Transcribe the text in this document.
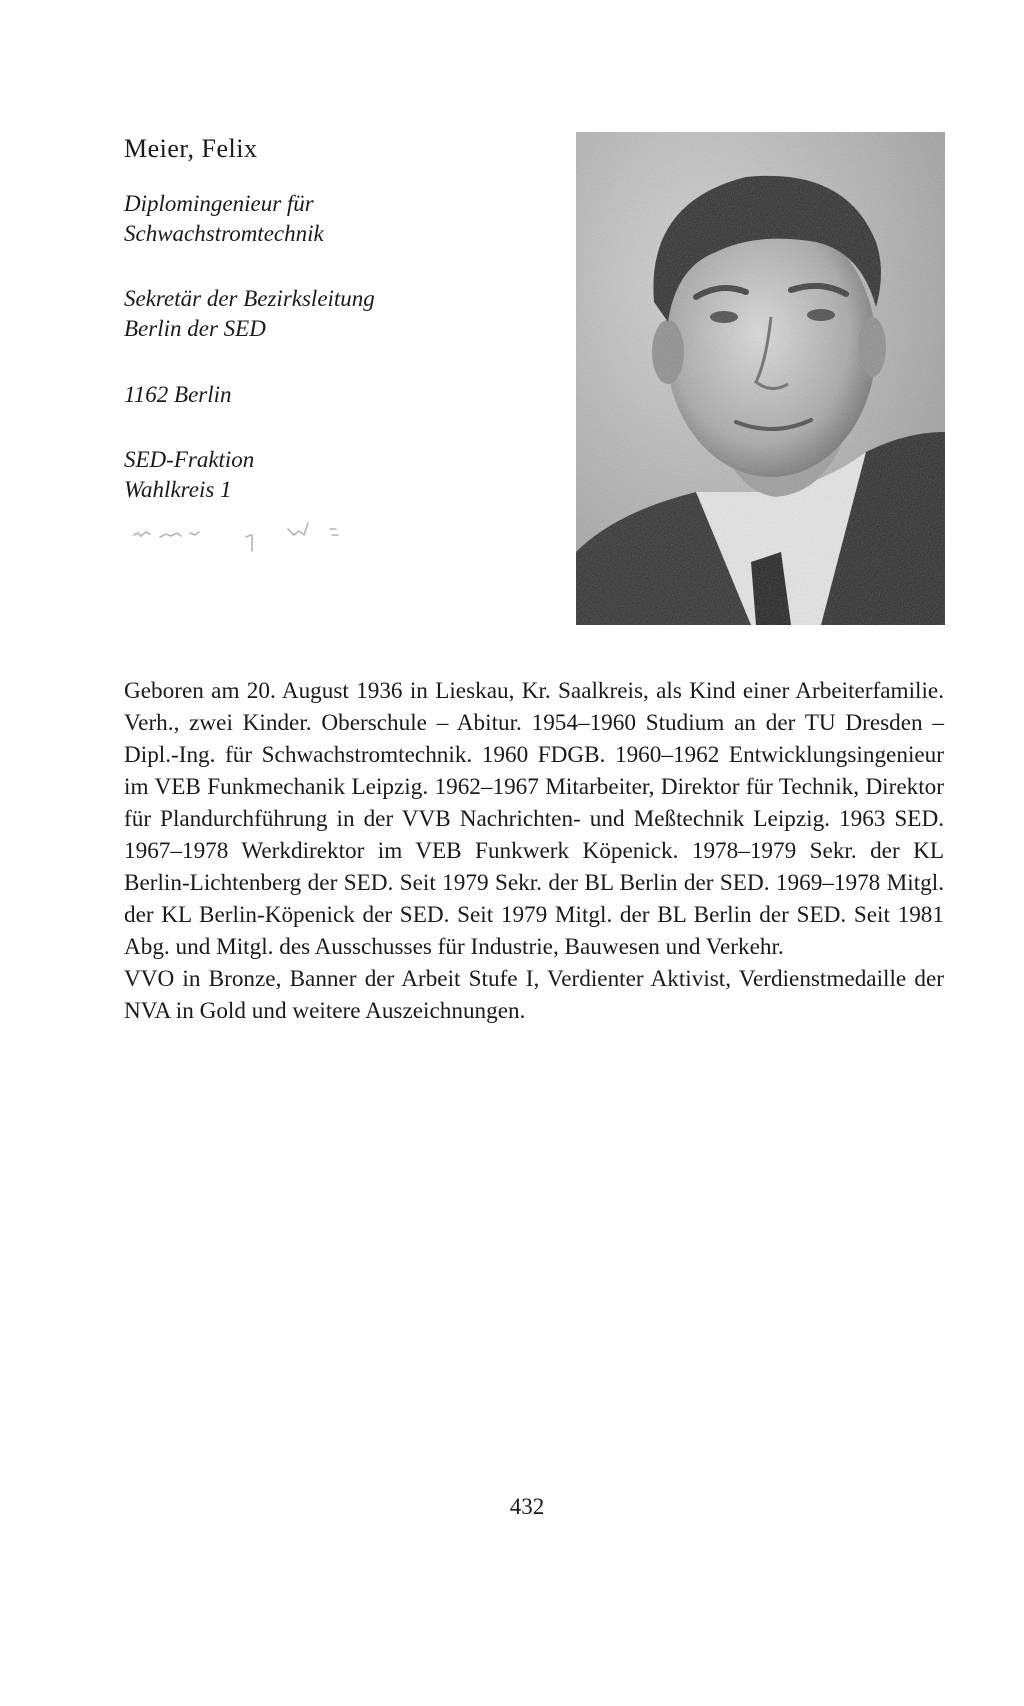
Meier, Felix
Diplomingenieur für
Schwachstromtechnik
Sekretär der Bezirksleitung
Berlin der SED
1162 Berlin
SED-Fraktion
Wahlkreis 1

Geboren am 20. August 1936 in Lieskau, Kr. Saalkreis, als Kind einer Arbeiterfamilie. Verh., zwei Kinder. Oberschule – Abitur. 1954–1960 Studium an der TU Dresden – Dipl.-Ing. für Schwachstromtechnik. 1960 FDGB. 1960–1962 Entwicklungsingenieur im VEB Funkmechanik Leipzig. 1962–1967 Mitarbeiter, Direktor für Technik, Direktor für Plandurchführung in der VVB Nachrichten- und Meßtechnik Leipzig. 1963 SED. 1967–1978 Werkdirektor im VEB Funkwerk Köpenick. 1978–1979 Sekr. der KL Berlin-Lichtenberg der SED. Seit 1979 Sekr. der BL Berlin der SED. 1969–1978 Mitgl. der KL Berlin-Köpenick der SED. Seit 1979 Mitgl. der BL Berlin der SED. Seit 1981 Abg. und Mitgl. des Ausschusses für Industrie, Bauwesen und Verkehr.

VVO in Bronze, Banner der Arbeit Stufe I, Verdienter Aktivist, Verdienstmedaille der NVA in Gold und weitere Auszeichnungen.

432
